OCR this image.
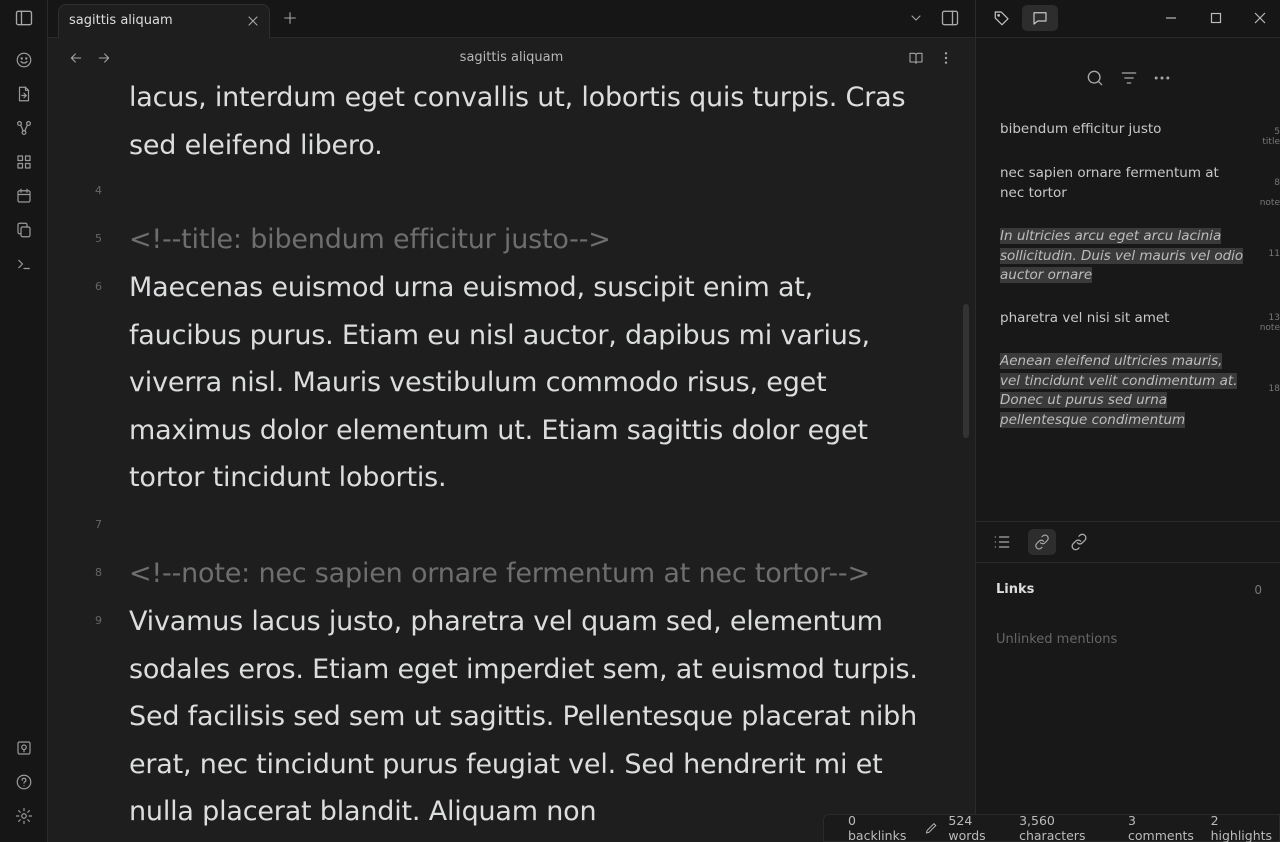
sagittis aliquam
sagittis aliquam
lacus, interdum eget convallis ut, lobortis quis turpis. Cras sed eleifend libero.
4
5 <!--title: bibendum efficitur justo-->
6 Maecenas euismod urna euismod, suscipit enim at, faucibus purus. Etiam eu nisl auctor, dapibus mi varius, viverra nisl. Mauris vestibulum commodo risus, eget maximus dolor elementum ut. Etiam sagittis dolor eget tortor tincidunt lobortis.
7
8 <!--note: nec sapien ornare fermentum at nec tortor-->
9 Vivamus lacus justo, pharetra vel quam sed, elementum sodales eros. Etiam eget imperdiet sem, at euismod turpis. Sed facilisis sed sem ut sagittis. Pellentesque placerat nibh erat, nec tincidunt purus feugiat vel. Sed hendrerit mi et nulla placerat blandit. Aliquam non
bibendum efficitur justo	5
title
nec sapien ornare fermentum at nec tortor
8
note
In ultricies arcu eget arcu lacinia sollicitudin. Duis vel mauris vel odio auctor ornare
11
pharetra vel nisi sit amet	13
note
Aenean eleifend ultricies mauris, vel tincidunt velit condimentum at. Donec ut purus sed urna pellentesque condimentum
18
Links	0
Unlinked mentions
0 backlinks
524 words
3,560 characters
3 comments
2 highlights
